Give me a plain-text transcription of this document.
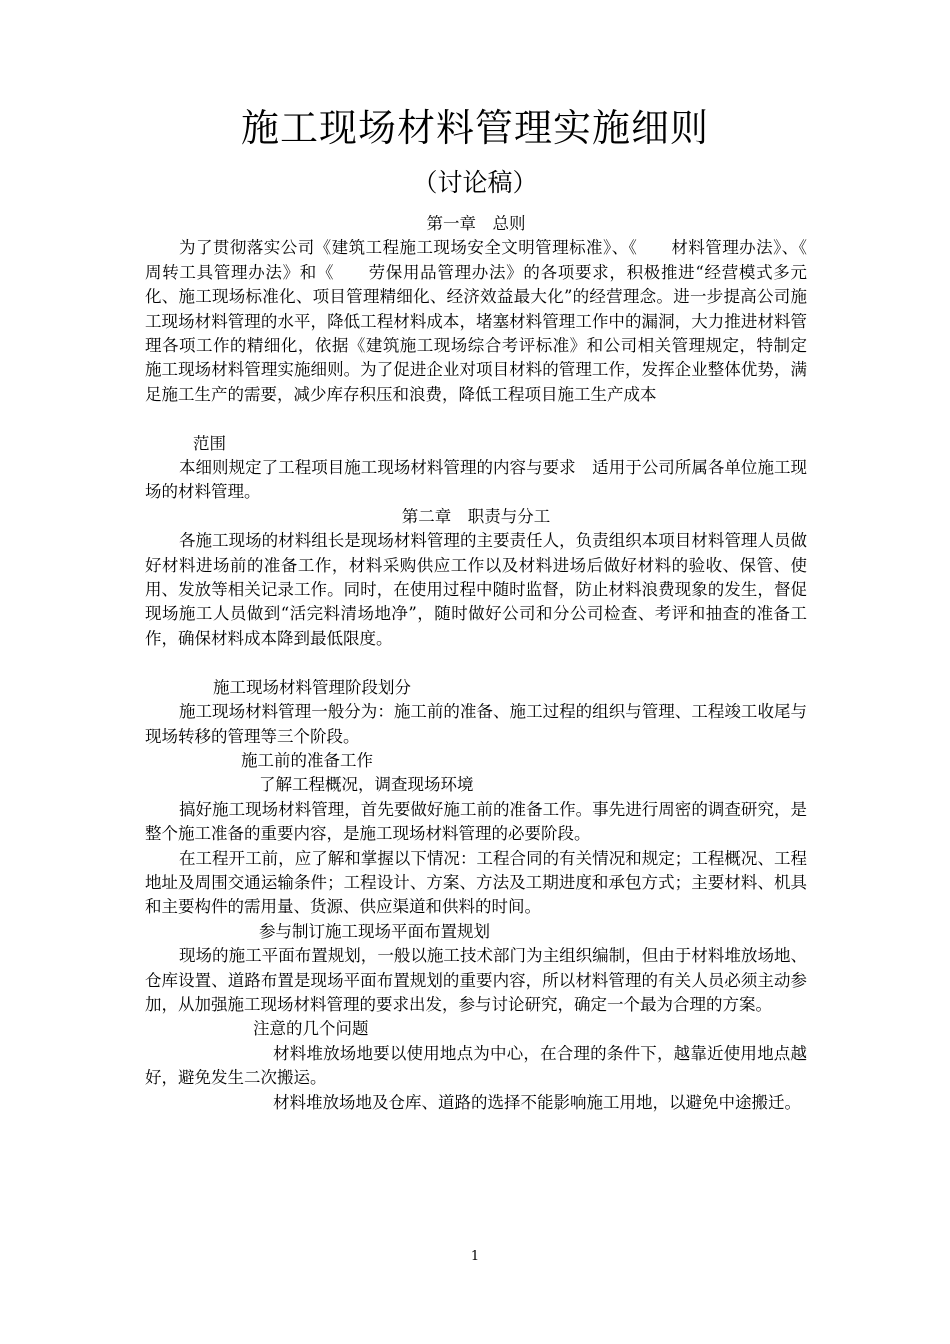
施工现场材料管理实施细则
（讨论稿）

第一章　总则

为了贯彻落实公司《建筑工程施工现场安全文明管理标准》、《　　材料管理办法》、《　　周转工具管理办法》和《　　劳保用品管理办法》的各项要求，积极推进“经营模式多元化、施工现场标准化、项目管理精细化、经济效益最大化”的经营理念。进一步提高公司施工现场材料管理的水平，降低工程材料成本，堵塞材料管理工作中的漏洞，大力推进材料管理各项工作的精细化，依据《建筑施工现场综合考评标准》和公司相关管理规定，特制定　　施工现场材料管理实施细则。为了促进企业对项目材料的管理工作，发挥企业整体优势，满足施工生产的需要，减少库存积压和浪费，降低工程项目施工生产成本

范围

本细则规定了工程项目施工现场材料管理的内容与要求　适用于公司所属各单位施工现场的材料管理。

第二章　职责与分工

各施工现场的材料组长是现场材料管理的主要责任人，负责组织本项目材料管理人员做好材料进场前的准备工作，材料采购供应工作以及材料进场后做好材料的验收、保管、使用、发放等相关记录工作。同时，在使用过程中随时监督，防止材料浪费现象的发生，督促现场施工人员做到“活完料清场地净”，随时做好公司和分公司检查、考评和抽查的准备工作，确保材料成本降到最低限度。

施工现场材料管理阶段划分

施工现场材料管理一般分为：施工前的准备、施工过程的组织与管理、工程竣工收尾与现场转移的管理等三个阶段。

施工前的准备工作

了解工程概况，调查现场环境

搞好施工现场材料管理，首先要做好施工前的准备工作。事先进行周密的调查研究，是整个施工准备的重要内容，是施工现场材料管理的必要阶段。

在工程开工前，应了解和掌握以下情况：工程合同的有关情况和规定；工程概况、工程地址及周围交通运输条件；工程设计、方案、方法及工期进度和承包方式；主要材料、机具和主要构件的需用量、货源、供应渠道和供料的时间。

参与制订施工现场平面布置规划

现场的施工平面布置规划，一般以施工技术部门为主组织编制，但由于材料堆放场地、仓库设置、道路布置是现场平面布置规划的重要内容，所以材料管理的有关人员必须主动参加，从加强施工现场材料管理的要求出发，参与讨论研究，确定一个最为合理的方案。

注意的几个问题

材料堆放场地要以使用地点为中心，在合理的条件下，越靠近使用地点越好，避免发生二次搬运。

材料堆放场地及仓库、道路的选择不能影响施工用地，以避免中途搬迁。

1
